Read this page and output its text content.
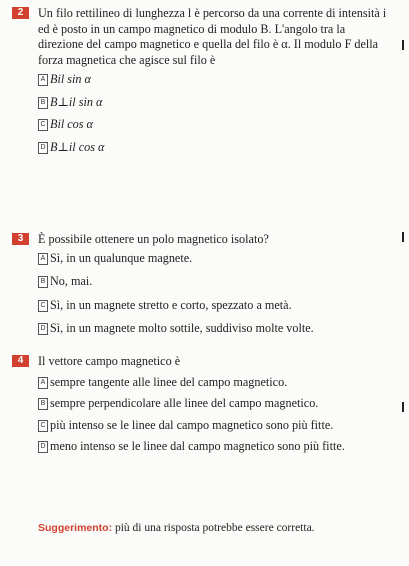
2	Un filo rettilineo di lunghezza l è percorso da una corrente di intensità i ed è posto in un campo magnetico di modulo B. L'angolo tra la direzione del campo magnetico e quella del filo è α. Il modulo F della forza magnetica che agisce sul filo è
A Bil sin α
B B⊥il sin α
C Bil cos α
D B⊥il cos α
3	È possibile ottenere un polo magnetico isolato?
A Sì, in un qualunque magnete.
B No, mai.
C Sì, in un magnete stretto e corto, spezzato a metà.
D Sì, in un magnete molto sottile, suddiviso molte volte.
4	Il vettore campo magnetico è
A sempre tangente alle linee del campo magnetico.
B sempre perpendicolare alle linee del campo magnetico.
C più intenso se le linee dal campo magnetico sono più fitte.
D meno intenso se le linee dal campo magnetico sono più fitte.
Suggerimento: più di una risposta potrebbe essere corretta.
